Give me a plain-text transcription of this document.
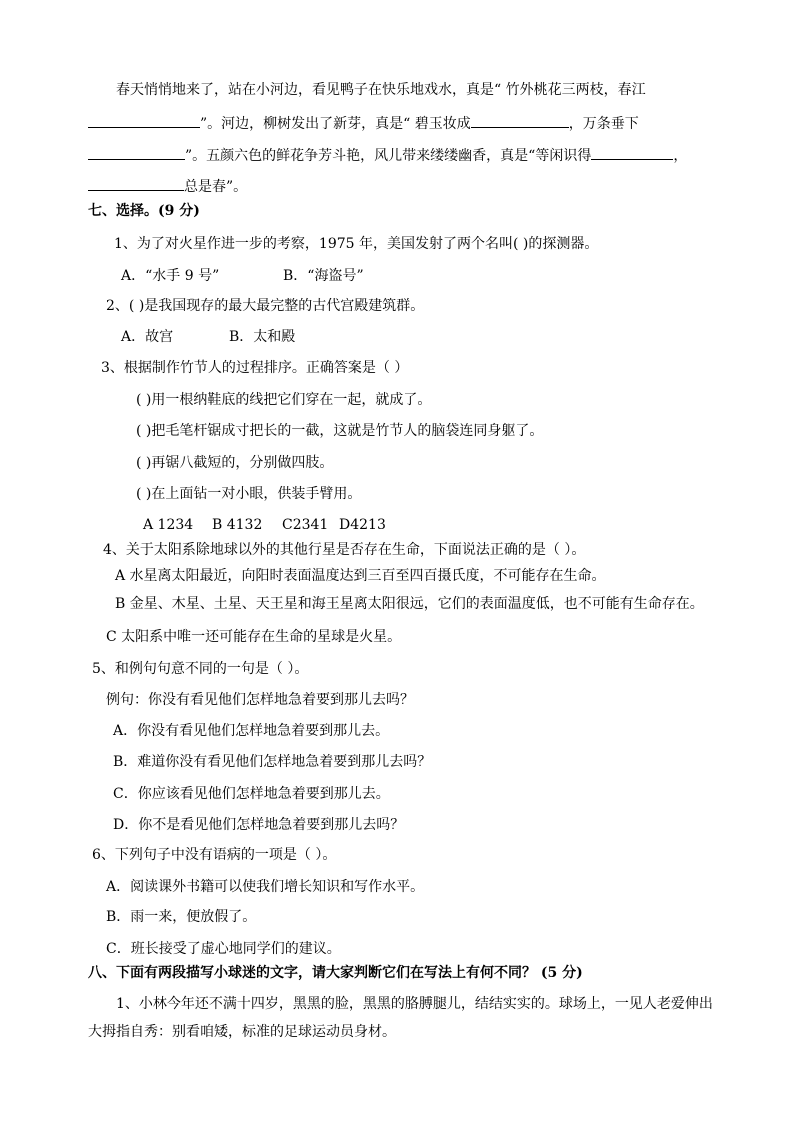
春天悄悄地来了，站在小河边，看见鸭子在快乐地戏水，真是“ 竹外桃花三两枝，春江
”。河边，柳树发出了新芽，真是“ 碧玉妆成	，万条垂下
”。五颜六色的鲜花争芳斗艳，风儿带来缕缕幽香，真是“等闲识得	，
总是春”。
七、选择。(9 分)
1、为了对火星作进一步的考察，1975 年，美国发射了两个名叫( )的探测器。
A．“水手 9 号”	B．“海盗号”
2、( )是我国现存的最大最完整的古代宫殿建筑群。
A．故宫	B．太和殿
3、根据制作竹节人的过程排序。正确答案是（ ）
( )用一根纳鞋底的线把它们穿在一起，就成了。
( )把毛笔杆锯成寸把长的一截，这就是竹节人的脑袋连同身躯了。
( )再锯八截短的，分别做四肢。
( )在上面钻一对小眼，供装手臂用。
A 1234 B 4132 C2341 D4213
4、关于太阳系除地球以外的其他行星是否存在生命，下面说法正确的是（ ）。
A 水星离太阳最近，向阳时表面温度达到三百至四百摄氏度，不可能存在生命。
B 金星、木星、土星、天王星和海王星离太阳很远，它们的表面温度低，也不可能有生命存在。
C 太阳系中唯一还可能存在生命的星球是火星。
5、和例句句意不同的一句是（ ）。
例句：你没有看见他们怎样地急着要到那儿去吗？
A．你没有看见他们怎样地急着要到那儿去。
B．难道你没有看见他们怎样地急着要到那儿去吗？
C．你应该看见他们怎样地急着要到那儿去。
D．你不是看见他们怎样地急着要到那儿去吗？
6、下列句子中没有语病的一项是（ ）。
A．阅读课外书籍可以使我们增长知识和写作水平。
B．雨一来，便放假了。
C．班长接受了虚心地同学们的建议。
八、下面有两段描写小球迷的文字，请大家判断它们在写法上有何不同？ (5 分)
1、小林今年还不满十四岁，黑黑的脸，黑黑的胳膊腿儿，结结实实的。球场上，一见人老爱伸出
大拇指自秀：别看咱矮，标准的足球运动员身材。
